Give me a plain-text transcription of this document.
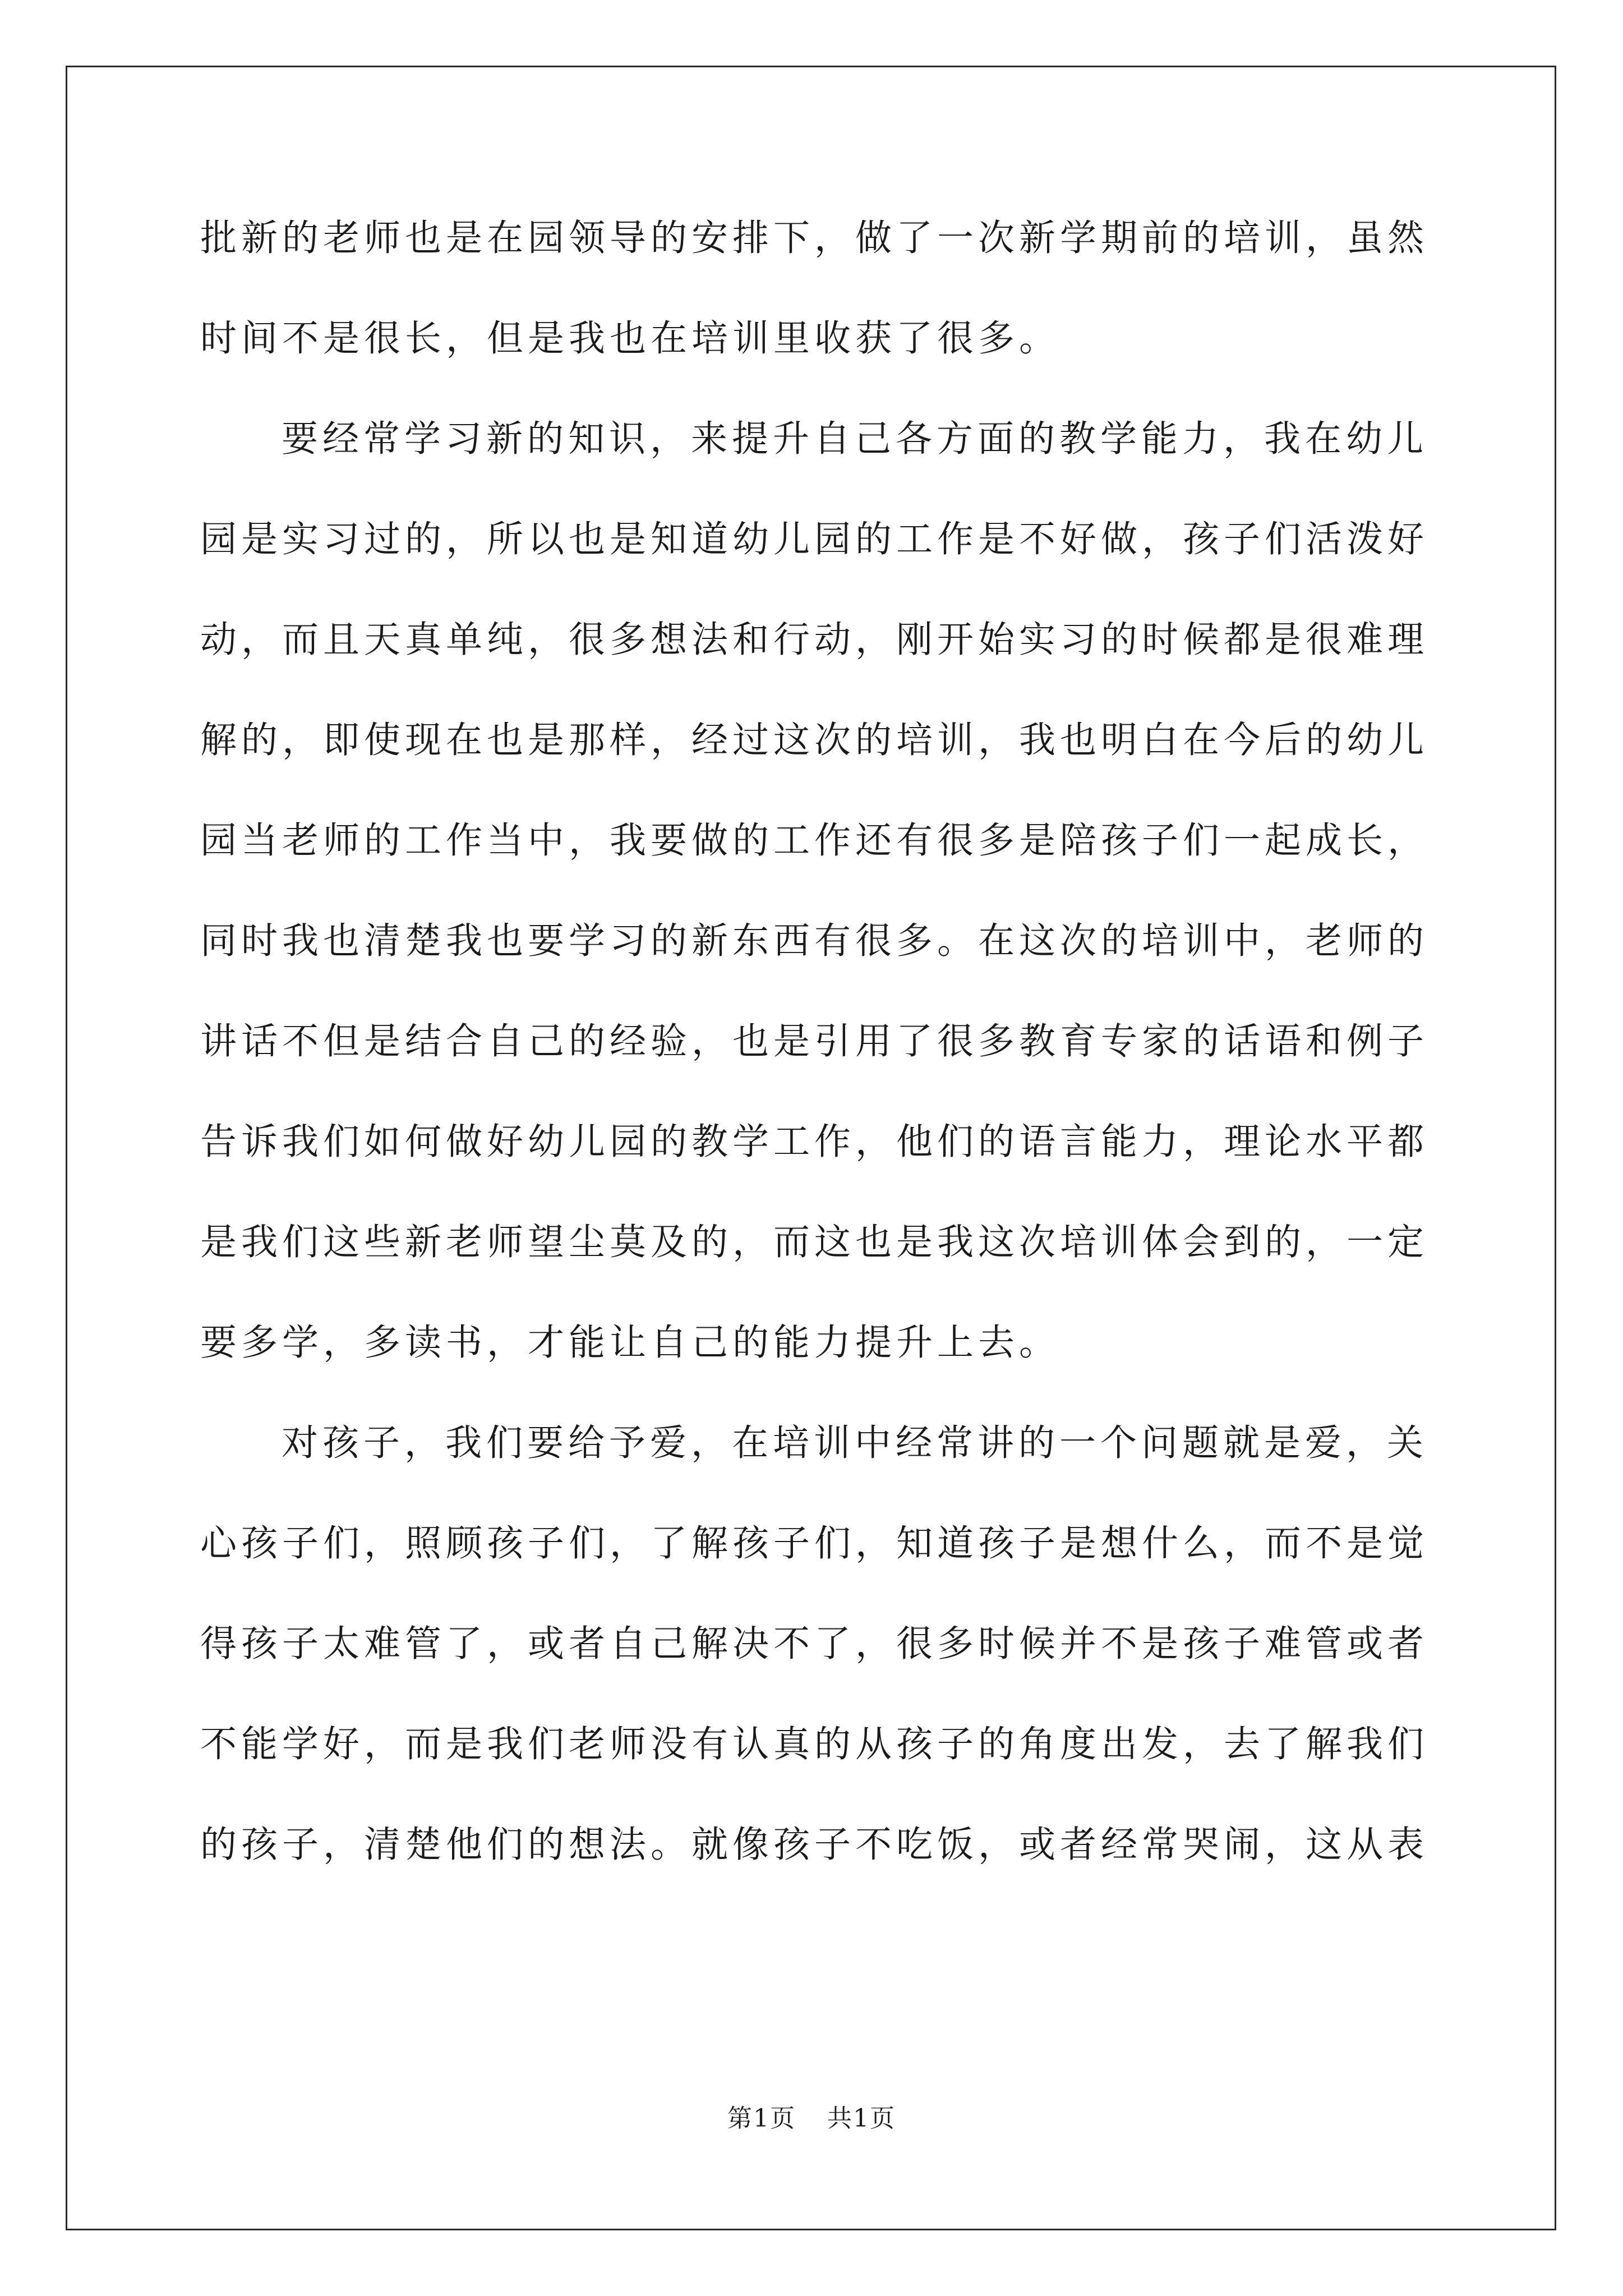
批新的老师也是在园领导的安排下，做了一次新学期前的培训，虽然
时间不是很长，但是我也在培训里收获了很多。
要经常学习新的知识，来提升自己各方面的教学能力，我在幼儿
园是实习过的，所以也是知道幼儿园的工作是不好做，孩子们活泼好
动，而且天真单纯，很多想法和行动，刚开始实习的时候都是很难理
解的，即使现在也是那样，经过这次的培训，我也明白在今后的幼儿
园当老师的工作当中，我要做的工作还有很多是陪孩子们一起成长，
同时我也清楚我也要学习的新东西有很多。在这次的培训中，老师的
讲话不但是结合自己的经验，也是引用了很多教育专家的话语和例子
告诉我们如何做好幼儿园的教学工作，他们的语言能力，理论水平都
是我们这些新老师望尘莫及的，而这也是我这次培训体会到的，一定
要多学，多读书，才能让自己的能力提升上去。
对孩子，我们要给予爱，在培训中经常讲的一个问题就是爱，关
心孩子们，照顾孩子们，了解孩子们，知道孩子是想什么，而不是觉
得孩子太难管了，或者自己解决不了，很多时候并不是孩子难管或者
不能学好，而是我们老师没有认真的从孩子的角度出发，去了解我们
的孩子，清楚他们的想法。就像孩子不吃饭，或者经常哭闹，这从表
第1页 共1页
